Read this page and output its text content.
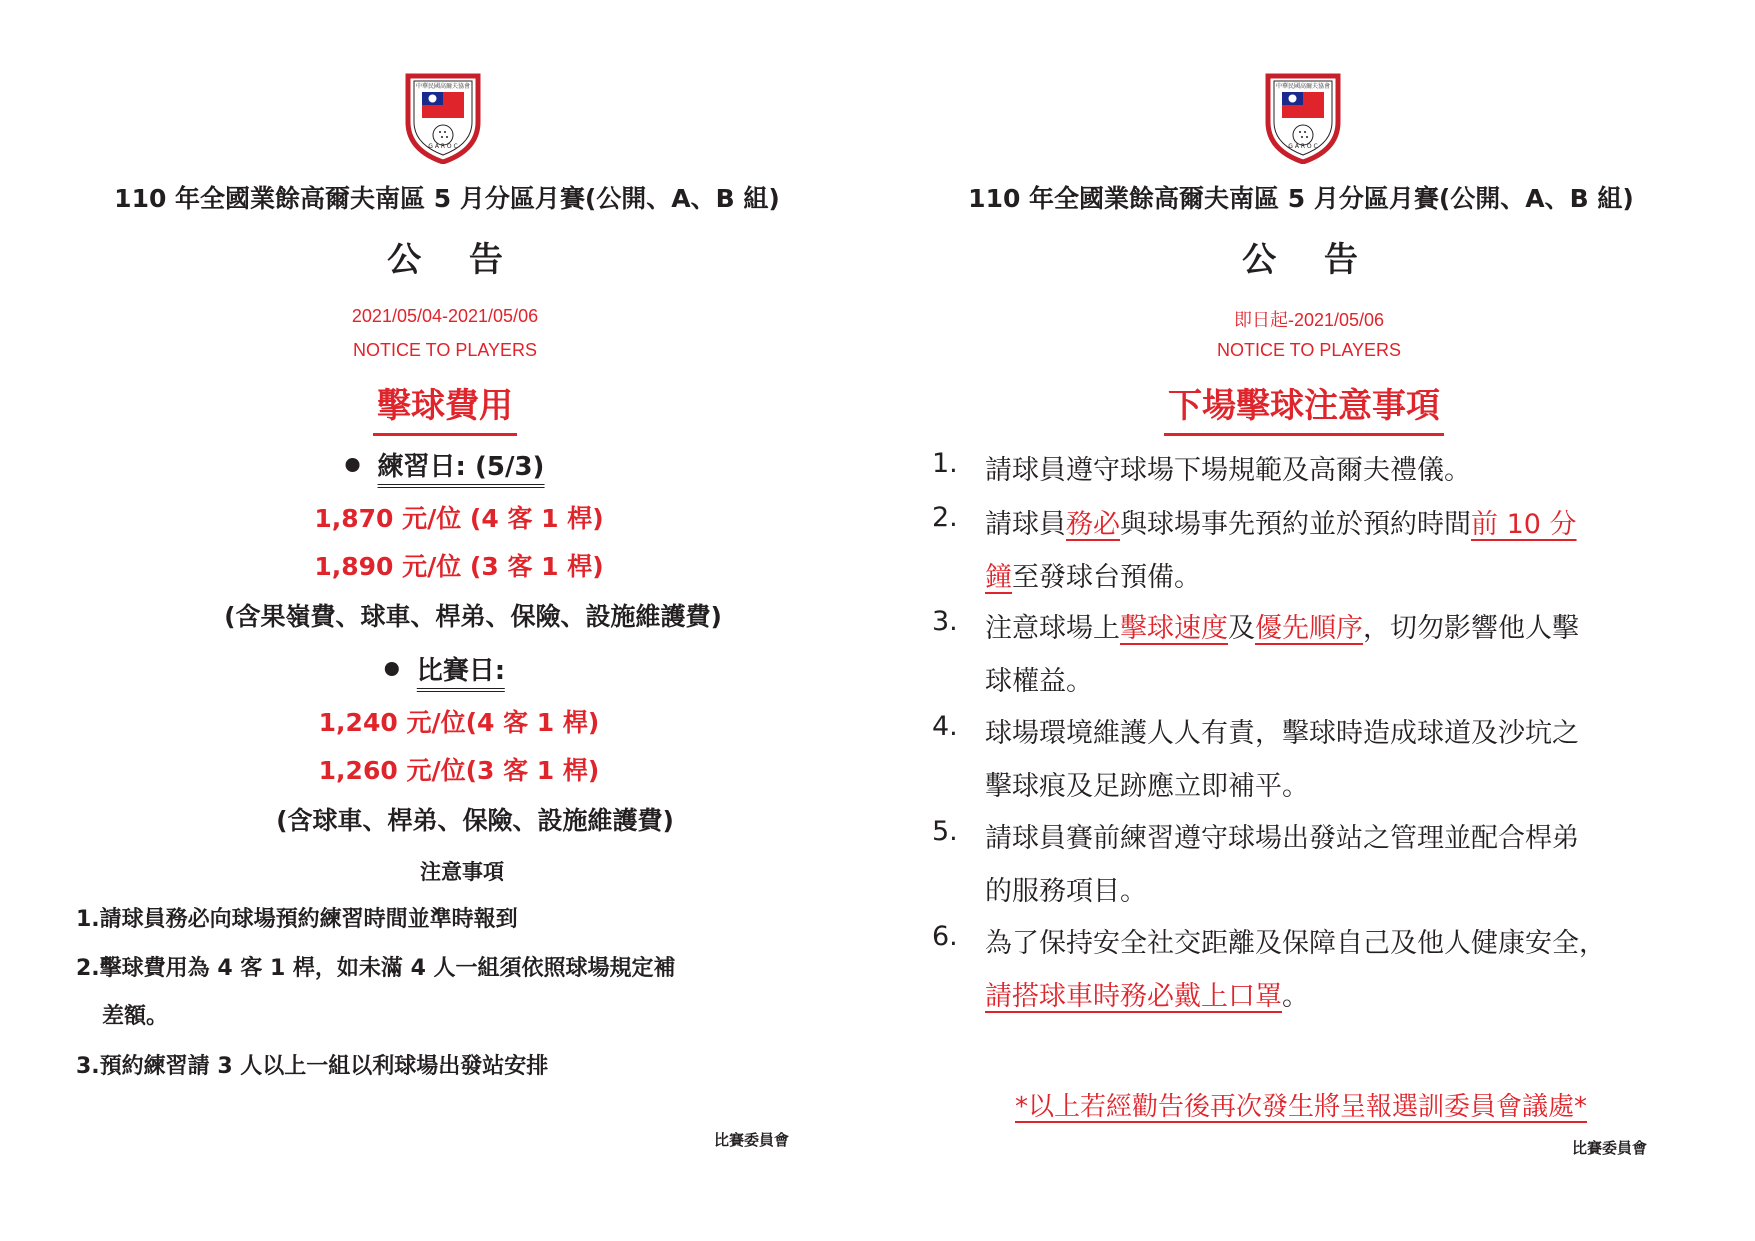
中華民國高爾夫協會
G A R O C
110 年全國業餘高爾夫南區 5 月分區月賽(公開、A、B 組)
公 告
2021/05/04-2021/05/06
NOTICE TO PLAYERS
擊球費用
練習日: (5/3)
1,870 元/位 (4 客 1 桿)
1,890 元/位 (3 客 1 桿)
(含果嶺費、球車、桿弟、保險、設施維護費)
比賽日:
1,240 元/位(4 客 1 桿)
1,260 元/位(3 客 1 桿)
(含球車、桿弟、保險、設施維護費)
注意事項
1.請球員務必向球場預約練習時間並準時報到
2.擊球費用為 4 客 1 桿，如未滿 4 人一組須依照球場規定補
差額。
3.預約練習請 3 人以上一組以利球場出發站安排
比賽委員會
中華民國高爾夫協會
G A R O C
110 年全國業餘高爾夫南區 5 月分區月賽(公開、A、B 組)
公 告
即日起-2021/05/06
NOTICE TO PLAYERS
下場擊球注意事項
1. 請球員遵守球場下場規範及高爾夫禮儀。
2. 請球員務必與球場事先預約並於預約時間前 10 分
鐘至發球台預備。
3. 注意球場上擊球速度及優先順序，切勿影響他人擊
球權益。
4. 球場環境維護人人有責，擊球時造成球道及沙坑之
擊球痕及足跡應立即補平。
5. 請球員賽前練習遵守球場出發站之管理並配合桿弟
的服務項目。
6. 為了保持安全社交距離及保障自己及他人健康安全，
請搭球車時務必戴上口罩。
*以上若經勸告後再次發生將呈報選訓委員會議處*
比賽委員會
